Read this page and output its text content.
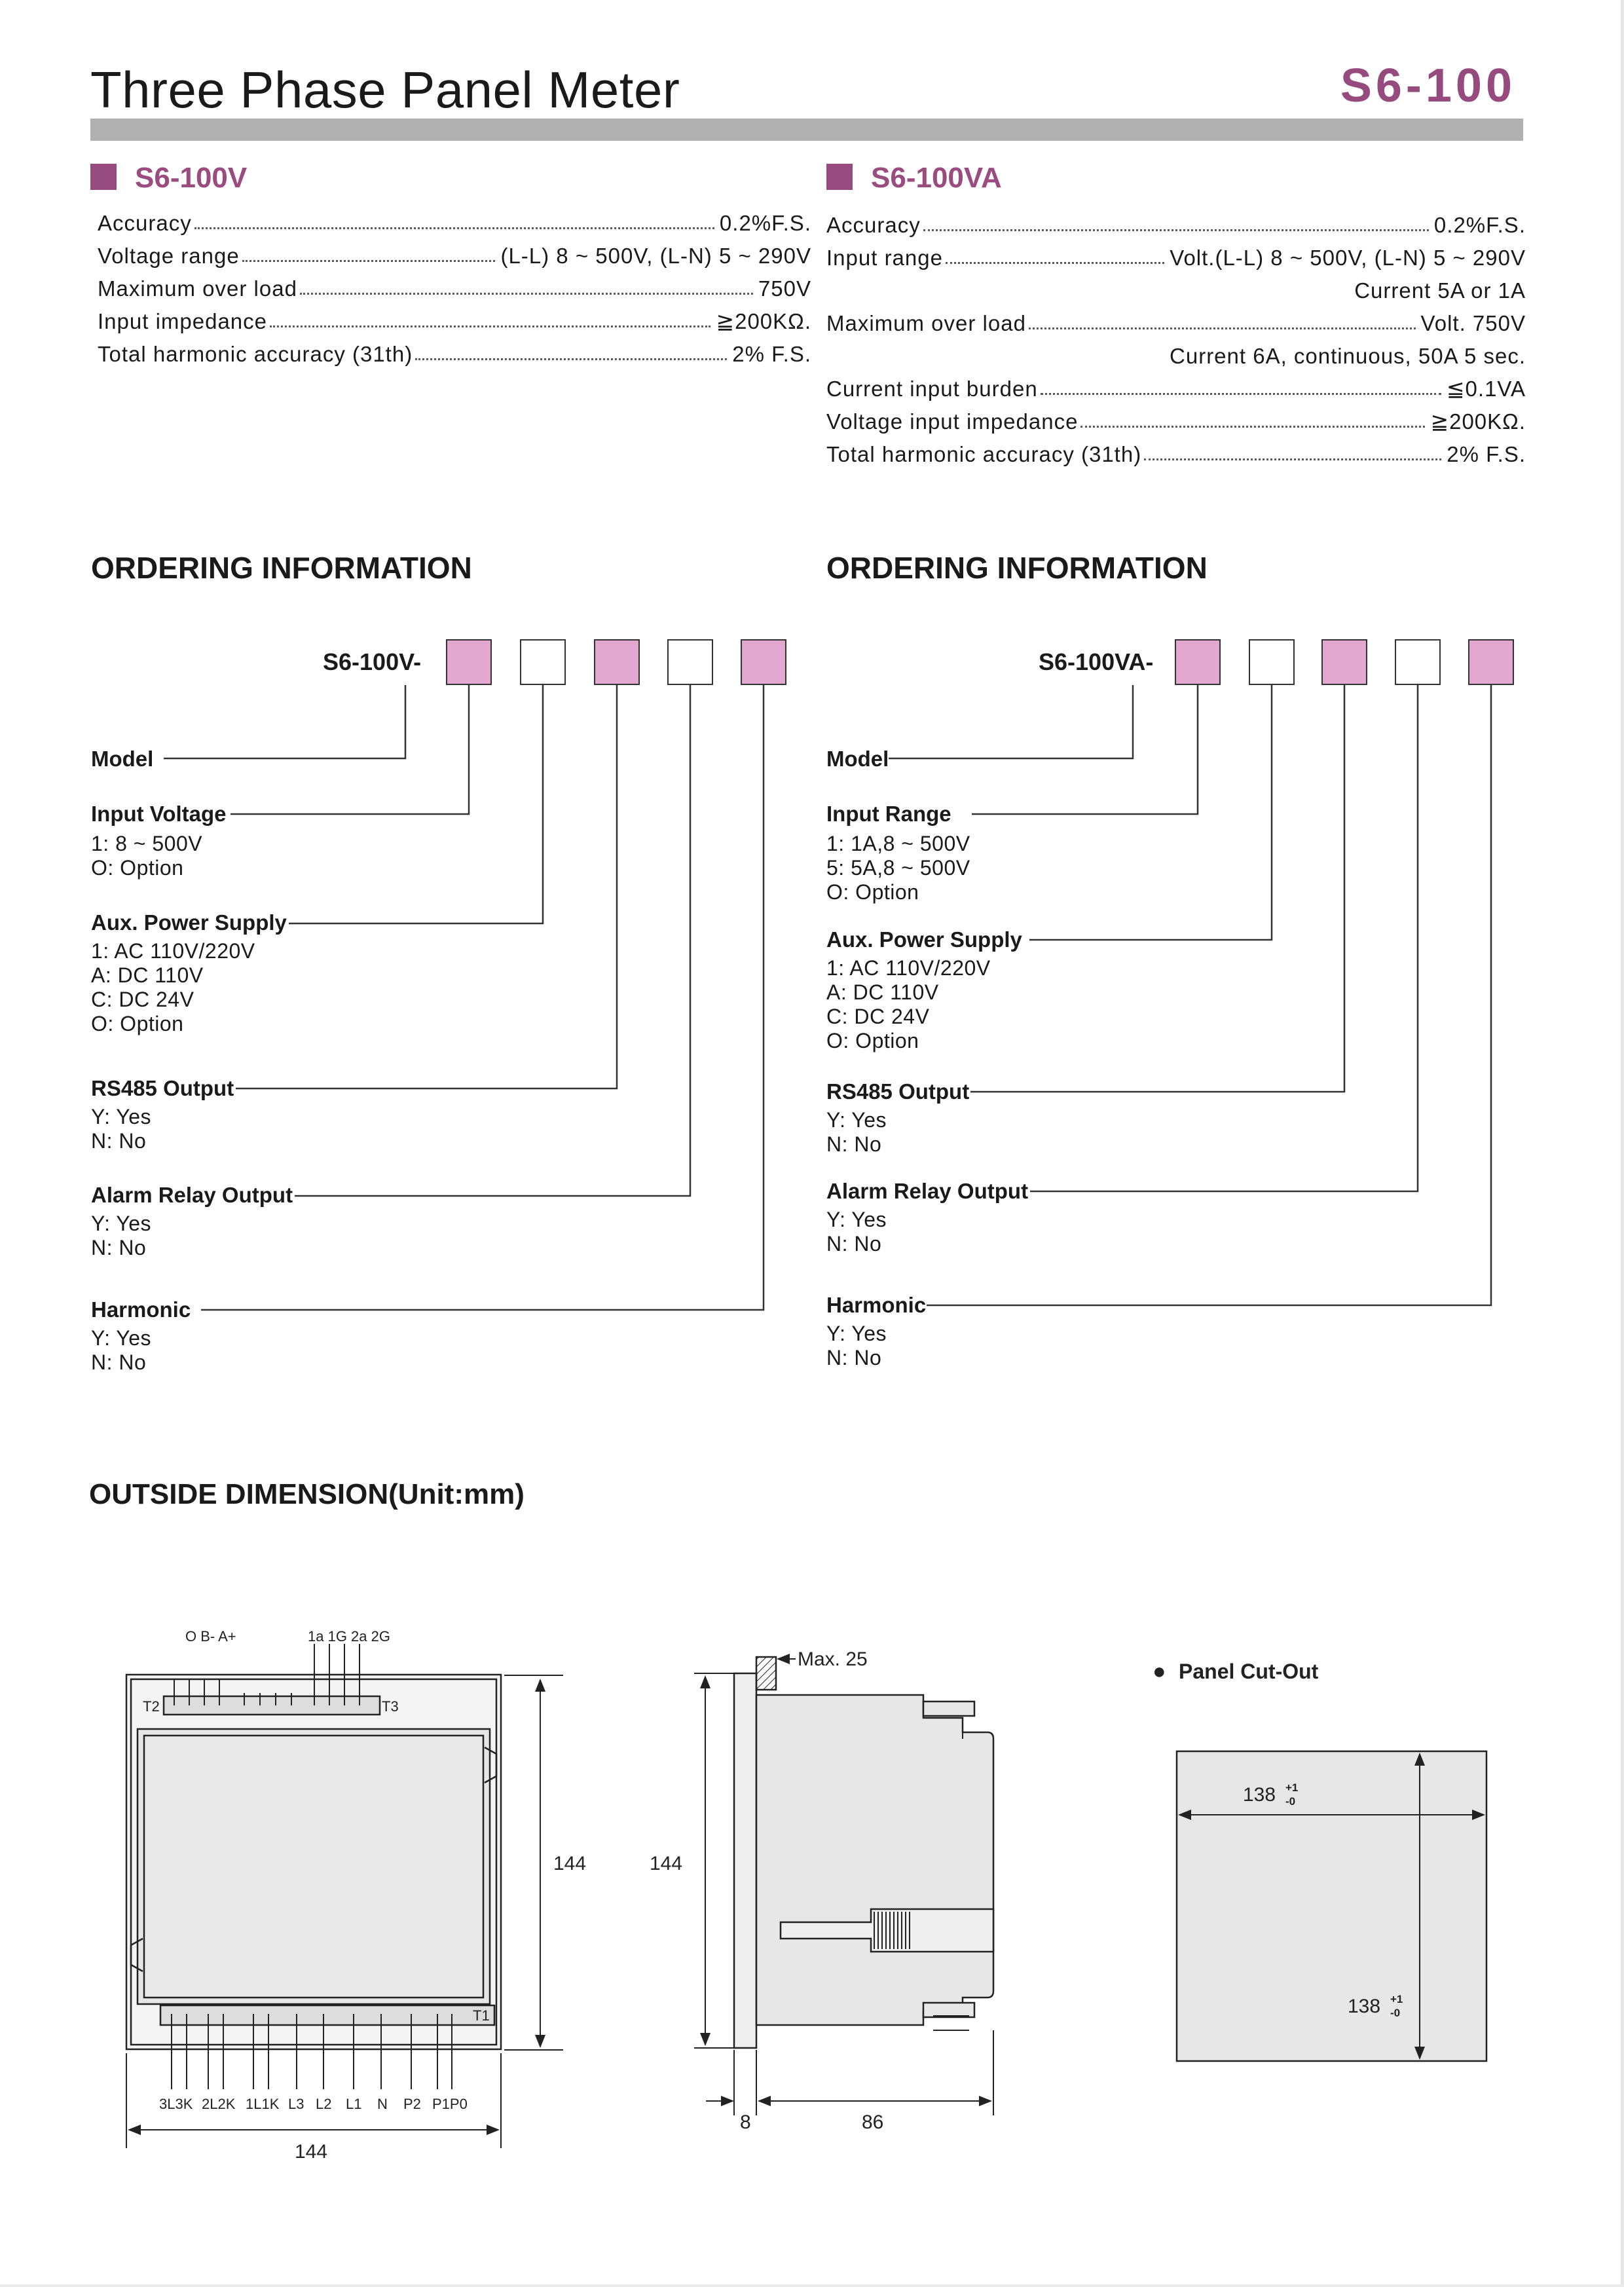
Three Phase Panel Meter	S6-100
S6-100V
Accuracy	0.2%F.S.
Voltage range	(L-L) 8 ~ 500V, (L-N) 5 ~ 290V
Maximum over load	750V
Input impedance	≧200KΩ.
Total harmonic accuracy (31th)	2% F.S.
S6-100VA
Accuracy	0.2%F.S.
Input range	Volt.(L-L) 8 ~ 500V, (L-N) 5 ~ 290V
Current 5A or 1A
Maximum over load	Volt. 750V
Current 6A, continuous, 50A 5 sec.
Current input burden	≦0.1VA
Voltage input impedance	≧200KΩ.
Total harmonic accuracy (31th)	2% F.S.
ORDERING INFORMATION	ORDERING INFORMATION
S6-100V-	S6-100VA-
Model
Input Voltage
1: 8 ~ 500V
O: Option
Aux. Power Supply
1: AC 110V/220V
A: DC 110V
C: DC 24V
O: Option
RS485 Output
Y: Yes
N: No
Alarm Relay Output
Y: Yes
N: No
Harmonic
Y: Yes
N: No
Model
Input Range
1: 1A,8 ~ 500V
5: 5A,8 ~ 500V
O: Option
Aux. Power Supply
1: AC 110V/220V
A: DC 110V
C: DC 24V
O: Option
RS485 Output
Y: Yes
N: No
Alarm Relay Output
Y: Yes
N: No
Harmonic
Y: Yes
N: No
OUTSIDE DIMENSION(Unit:mm)
O B- A+	1a 1G 2a 2G
T2	T3
T1
3L3K 2L2K 1L1K L3 L2 L1 N P2 P1P0
144
144
Max. 25
144
8	86
● Panel Cut-Out
138 +1
-0
138 +1
-0
